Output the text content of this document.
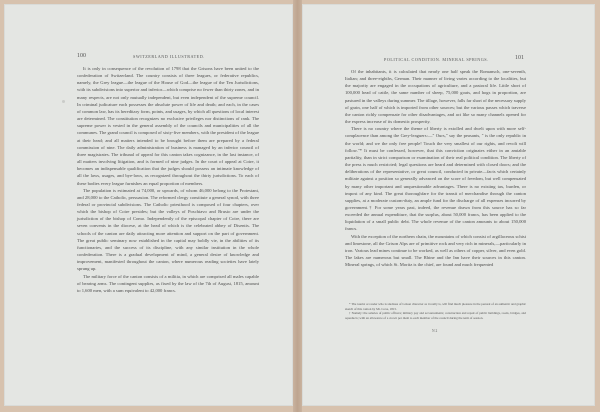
100	SWITZERLAND ILLUSTRATED.

It is only in consequence of the revolution of 1798 that the Grisons have been united to the confederation of Switzerland. The country consists of three leagues, or federative republics, namely, the Grey league—the league of the House of God—the league of the Ten Jurisdictions, with its subdivisions into superior and inferior—which comprise no fewer than thirty zones, and in many respects, are not only mutually independent, but even independent of the supreme council. In criminal judicature each possesses the absolute power of life and death; and each, in the cases of common law, has its hereditary form, points, and usages, by which all questions of local interest are determined. The constitution recognizes no exclusive privileges nor distinctions of rank. The supreme power is vested in the general assembly of the councils and municipalities of all the communes. The grand council is composed of sixty-five members, with the president of the league at their head; and all matters intended to be brought before them are prepared by a federal commission of nine. The daily administration of business is managed by an inferior council of three magistrates. The tribunal of appeal for this canton takes cognizance, in the last instance, of all matters involving litigation, and is formed of nine judges. In the court of appeal at Coire, it becomes an indispensable qualification that the judges should possess an intimate knowledge of all the laws, usages, and bye-laws, as recognized throughout the thirty jurisdictions. To each of these bodies every league furnishes an equal proportion of members.

The population is estimated at 74,000, or upwards, of whom 46,000 belong to the Protestant, and 28,000 to the Catholic, persuasion. The reformed clergy constitute a general synod, with three federal or provincial subdivisions. The Catholic priesthood is composed of four chapters, over which the bishop of Coire presides; but the valleys of Poschiavo and Brusio are under the jurisdiction of the bishop of Como. Independently of the episcopal chapter of Coire, there are seven convents in the diocese, at the head of which is the celebrated abbey of Disentis. The schools of the canton are daily attracting more attention and support on the part of government. The great public seminary now established in the capital may boldly vie, in the abilities of its functionaries, and the success of its discipline, with any similar institution in the whole confederation. There is a gradual development of mind, a general desire of knowledge and improvement, manifested throughout the canton, where numerous reading societies have lately sprung up.

The military force of the canton consists of a militia, in which are comprised all males capable of bearing arms. The contingent supplies, as fixed by the law of the 7th of August, 1815, amount to 1,600 men, with a sum equivalent to 42,000 francs.

POLITICAL CONDITION. MINERAL SPRINGS.	101

Of the inhabitants, it is calculated that nearly one half speak the Romansch, one-seventh, Italian; and three-eighths, German. Their manner of living varies according to the localities, but the majority are engaged in the occupations of agriculture, and a pastoral life. Little short of 100,000 head of cattle, the same number of sheep, 75,000 goats, and hogs in proportion, are pastured in the valleys during summer. The tillage, however, falls far short of the necessary supply of grain, one half of which is imported from other sources; but the various passes which traverse the canton richly compensate for other disadvantages, and act like so many channels opened for the express increase of its domestic prosperity.

There is no country where the theme of liberty is extolled and dwelt upon with more self-complacence than among the Grey-leaguers:—" Ours," say the peasants, " is the only republic in the world; and we the only free people! Touch the very smallest of our rights, and revolt will follow."* It must be confessed, however, that this conviction originates either in an amiable partiality, than in strict comparison or examination of their real political condition. The liberty of the press is much restricted; legal questions are heard and determined with closed doors; and the deliberations of the representative, or great council, conducted in private—facts which certainly militate against a position so generally advanced on the score of freedom, but well compensated by many other important and unquestionable advantages. There is no existing tax, burden, or impost of any kind. The great thoroughfare for the transit of merchandise through the canton supplies, at a moderate custom-duty, an ample fund for the discharge of all expenses incurred by government.† For some years past, indeed, the revenue drawn from this source has so far exceeded the annual expenditure, that the surplus, about 50,000 francs, has been applied to the liquidation of a small public debt. The whole revenue of the canton amounts to about 150,000 francs.

With the exception of the northern chain, the mountains of which consist of argillaceous schist and limestone, all the Grison Alps are of primitive rock and very rich in minerals,—particularly in iron. Various lead mines continue to be worked, as well as others of copper, silver, and even gold. The lakes are numerous but small. The Rhine and the Inn have their sources in this canton. Mineral springs, of which St. Moritz is the chief, are found and much frequented

* The tourist or reader who is studious of Grison character as it really is, will find much pleasure in the perusal of an authentic and graphic sketch of this canton by Mr. Coxe, 1815.

† Namely: the salaries of public officers; military pay and accoutrements; construction and repair of public buildings, roads, bridges, and aqueducts; with an allowance of a crown per diem to each member of the council during the term of session.

N 2
